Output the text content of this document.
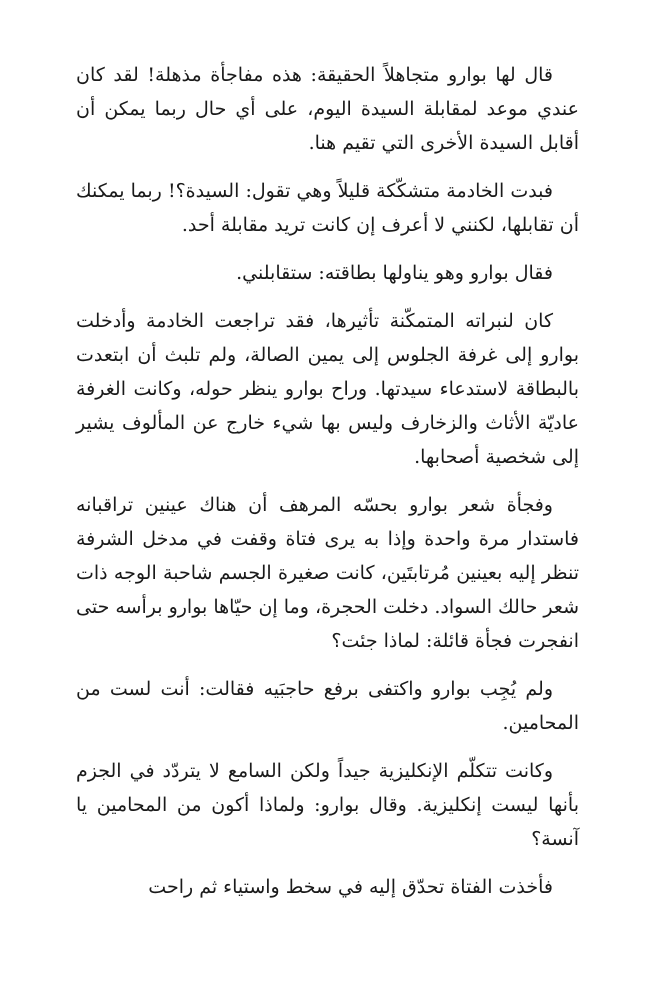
قال لها بوارو متجاهلاً الحقيقة: هذه مفاجأة مذهلة! لقد كان عندي موعد لمقابلة السيدة اليوم، على أي حال ربما يمكن أن أقابل السيدة الأخرى التي تقيم هنا.

فبدت الخادمة متشكّكة قليلاً وهي تقول: السيدة؟! ربما يمكنك أن تقابلها، لكنني لا أعرف إن كانت تريد مقابلة أحد.

فقال بوارو وهو يناولها بطاقته: ستقابلني.

كان لنبراته المتمكّنة تأثيرها، فقد تراجعت الخادمة وأدخلت بوارو إلى غرفة الجلوس إلى يمين الصالة، ولم تلبث أن ابتعدت بالبطاقة لاستدعاء سيدتها. وراح بوارو ينظر حوله، وكانت الغرفة عاديّة الأثاث والزخارف وليس بها شيء خارج عن المألوف يشير إلى شخصية أصحابها.

وفجأة شعر بوارو بحسّه المرهف أن هناك عينين تراقبانه فاستدار مرة واحدة وإذا به يرى فتاة وقفت في مدخل الشرفة تنظر إليه بعينين مُرتابتَين، كانت صغيرة الجسم شاحبة الوجه ذات شعر حالك السواد. دخلت الحجرة، وما إن حيّاها بوارو برأسه حتى انفجرت فجأة قائلة: لماذا جئت؟

ولم يُجِب بوارو واكتفى برفع حاجبَيه فقالت: أنت لست من المحامين.

وكانت تتكلّم الإنكليزية جيداً ولكن السامع لا يتردّد في الجزم بأنها ليست إنكليزية. وقال بوارو: ولماذا أكون من المحامين يا آنسة؟

فأخذت الفتاة تحدّق إليه في سخط واستياء ثم راحت
